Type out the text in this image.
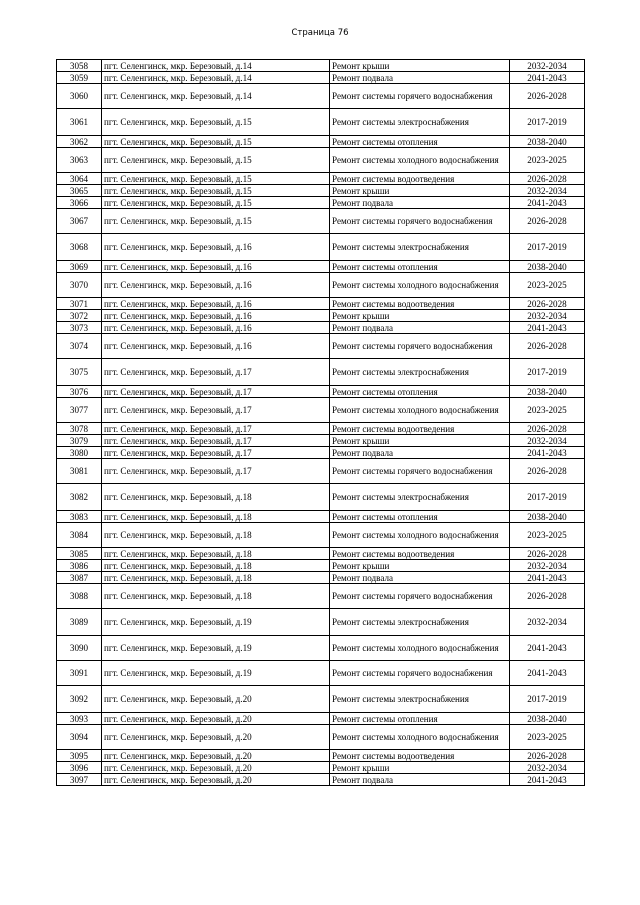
Страница 76
3058	пгт. Селенгинск, мкр. Березовый, д.14	Ремонт крыши	2032-2034
3059	пгт. Селенгинск, мкр. Березовый, д.14	Ремонт подвала	2041-2043
3060	пгт. Селенгинск, мкр. Березовый, д.14	Ремонт системы горячего водоснабжения	2026-2028
3061	пгт. Селенгинск, мкр. Березовый, д.15	Ремонт системы электроснабжения	2017-2019
3062	пгт. Селенгинск, мкр. Березовый, д.15	Ремонт системы отопления	2038-2040
3063	пгт. Селенгинск, мкр. Березовый, д.15	Ремонт системы холодного водоснабжения	2023-2025
3064	пгт. Селенгинск, мкр. Березовый, д.15	Ремонт системы водоотведения	2026-2028
3065	пгт. Селенгинск, мкр. Березовый, д.15	Ремонт крыши	2032-2034
3066	пгт. Селенгинск, мкр. Березовый, д.15	Ремонт подвала	2041-2043
3067	пгт. Селенгинск, мкр. Березовый, д.15	Ремонт системы горячего водоснабжения	2026-2028
3068	пгт. Селенгинск, мкр. Березовый, д.16	Ремонт системы электроснабжения	2017-2019
3069	пгт. Селенгинск, мкр. Березовый, д.16	Ремонт системы отопления	2038-2040
3070	пгт. Селенгинск, мкр. Березовый, д.16	Ремонт системы холодного водоснабжения	2023-2025
3071	пгт. Селенгинск, мкр. Березовый, д.16	Ремонт системы водоотведения	2026-2028
3072	пгт. Селенгинск, мкр. Березовый, д.16	Ремонт крыши	2032-2034
3073	пгт. Селенгинск, мкр. Березовый, д.16	Ремонт подвала	2041-2043
3074	пгт. Селенгинск, мкр. Березовый, д.16	Ремонт системы горячего водоснабжения	2026-2028
3075	пгт. Селенгинск, мкр. Березовый, д.17	Ремонт системы электроснабжения	2017-2019
3076	пгт. Селенгинск, мкр. Березовый, д.17	Ремонт системы отопления	2038-2040
3077	пгт. Селенгинск, мкр. Березовый, д.17	Ремонт системы холодного водоснабжения	2023-2025
3078	пгт. Селенгинск, мкр. Березовый, д.17	Ремонт системы водоотведения	2026-2028
3079	пгт. Селенгинск, мкр. Березовый, д.17	Ремонт крыши	2032-2034
3080	пгт. Селенгинск, мкр. Березовый, д.17	Ремонт подвала	2041-2043
3081	пгт. Селенгинск, мкр. Березовый, д.17	Ремонт системы горячего водоснабжения	2026-2028
3082	пгт. Селенгинск, мкр. Березовый, д.18	Ремонт системы электроснабжения	2017-2019
3083	пгт. Селенгинск, мкр. Березовый, д.18	Ремонт системы отопления	2038-2040
3084	пгт. Селенгинск, мкр. Березовый, д.18	Ремонт системы холодного водоснабжения	2023-2025
3085	пгт. Селенгинск, мкр. Березовый, д.18	Ремонт системы водоотведения	2026-2028
3086	пгт. Селенгинск, мкр. Березовый, д.18	Ремонт крыши	2032-2034
3087	пгт. Селенгинск, мкр. Березовый, д.18	Ремонт подвала	2041-2043
3088	пгт. Селенгинск, мкр. Березовый, д.18	Ремонт системы горячего водоснабжения	2026-2028
3089	пгт. Селенгинск, мкр. Березовый, д.19	Ремонт системы электроснабжения	2032-2034
3090	пгт. Селенгинск, мкр. Березовый, д.19	Ремонт системы холодного водоснабжения	2041-2043
3091	пгт. Селенгинск, мкр. Березовый, д.19	Ремонт системы горячего водоснабжения	2041-2043
3092	пгт. Селенгинск, мкр. Березовый, д.20	Ремонт системы электроснабжения	2017-2019
3093	пгт. Селенгинск, мкр. Березовый, д.20	Ремонт системы отопления	2038-2040
3094	пгт. Селенгинск, мкр. Березовый, д.20	Ремонт системы холодного водоснабжения	2023-2025
3095	пгт. Селенгинск, мкр. Березовый, д.20	Ремонт системы водоотведения	2026-2028
3096	пгт. Селенгинск, мкр. Березовый, д.20	Ремонт крыши	2032-2034
3097	пгт. Селенгинск, мкр. Березовый, д.20	Ремонт подвала	2041-2043
